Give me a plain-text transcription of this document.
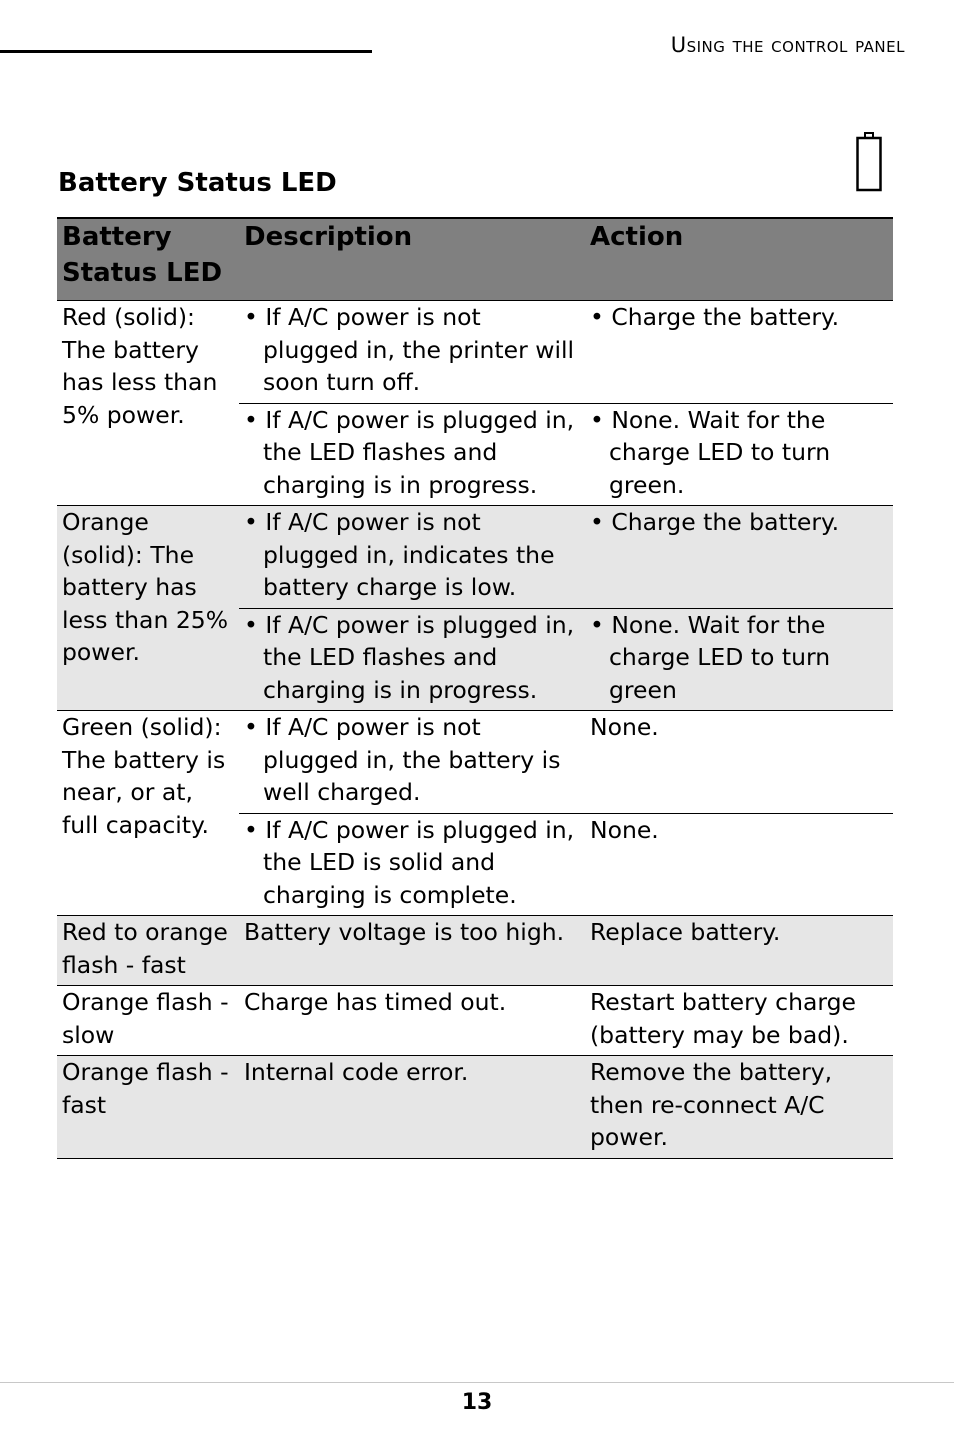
Using the control panel
Battery Status LED
Battery Status LED	Description	Action
Red (solid): The battery has less than 5% power.	• If A/C power is not plugged in, the printer will soon turn off.	• Charge the battery.

	• If A/C power is plugged in, the LED flashes and charging is in progress.	• None. Wait for the charge LED to turn green.

Orange (solid): The battery has less than 25% power.	• If A/C power is not plugged in, indicates the battery charge is low.	• Charge the battery.

	• If A/C power is plugged in, the LED flashes and charging is in progress.	• None. Wait for the charge LED to turn green

Green (solid): The battery is near, or at, full capacity.	• If A/C power is not plugged in, the battery is well charged.	None.

	• If A/C power is plugged in, the LED is solid and charging is complete.	None.
Red to orange flash - fast	Battery voltage is too high.	Replace battery.
Orange flash - slow	Charge has timed out.	Restart battery charge (battery may be bad).
Orange flash - fast	Internal code error.	Remove the battery, then re-connect A/C power.
13
